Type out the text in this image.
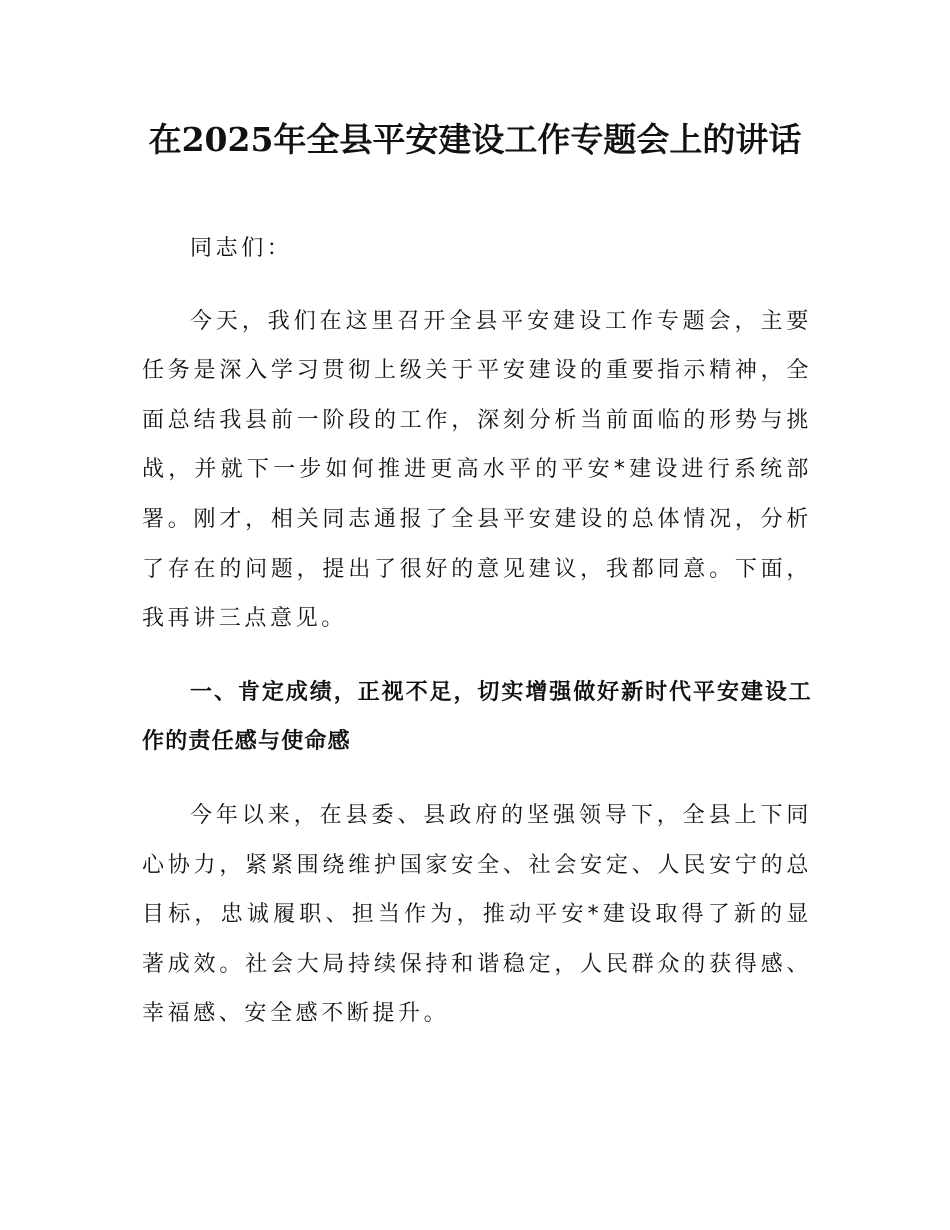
在2025年全县平安建设工作专题会上的讲话

同志们：

今天，我们在这里召开全县平安建设工作专题会，主要任务是深入学习贯彻上级关于平安建设的重要指示精神，全面总结我县前一阶段的工作，深刻分析当前面临的形势与挑战，并就下一步如何推进更高水平的平安*建设进行系统部署。刚才，相关同志通报了全县平安建设的总体情况，分析了存在的问题，提出了很好的意见建议，我都同意。下面，我再讲三点意见。

一、肯定成绩，正视不足，切实增强做好新时代平安建设工作的责任感与使命感

今年以来，在县委、县政府的坚强领导下，全县上下同心协力，紧紧围绕维护国家安全、社会安定、人民安宁的总目标，忠诚履职、担当作为，推动平安*建设取得了新的显著成效。社会大局持续保持和谐稳定，人民群众的获得感、幸福感、安全感不断提升。
